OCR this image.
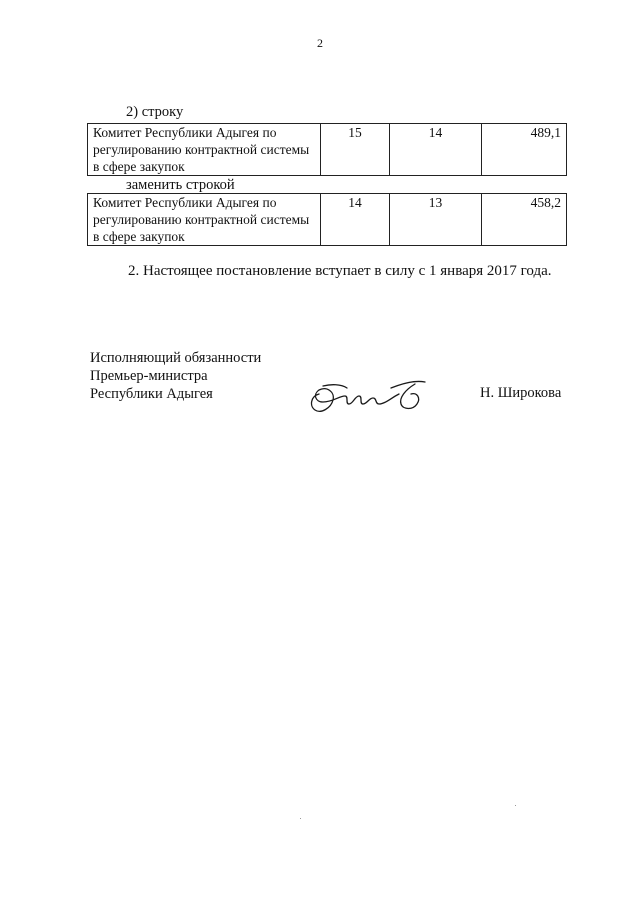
2
2) строку
Комитет Республики Адыгея по регулированию контрактной системы в сфере закупок	15	14	489,1
заменить строкой
Комитет Республики Адыгея по регулированию контрактной системы в сфере закупок	14	13	458,2
2. Настоящее постановление вступает в силу с 1 января 2017 года.
Исполняющий обязанности
Премьер-министра
Республики Адыгея	Н. Широкова
